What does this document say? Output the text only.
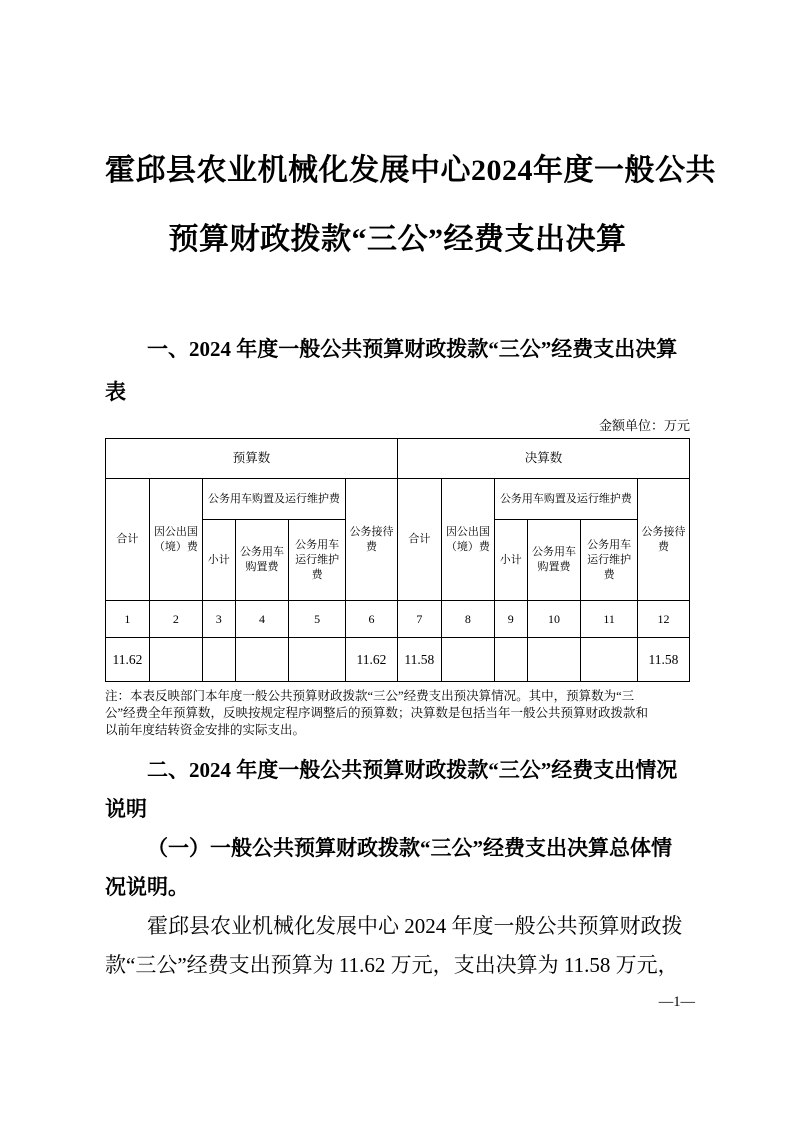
霍邱县农业机械化发展中心2024年度一般公共
预算财政拨款“三公”经费支出决算
一、2024 年度一般公共预算财政拨款“三公”经费支出决算
表
金额单位：万元
预算数						决算数					
合计	因公出国（境）费	公务用车购置及运行维护费			公务接待费	合计	因公出国（境）费	公务用车购置及运行维护费			公务接待费
		小计	公务用车购置费	公务用车运行维护费				小计	公务用车购置费	公务用车运行维护费	
1	2	3	4	5	6	7	8	9	10	11	12
11.62					11.62	11.58					11.58
注：本表反映部门本年度一般公共预算财政拨款“三公”经费支出预决算情况。其中，预算数为“三
公”经费全年预算数，反映按规定程序调整后的预算数；决算数是包括当年一般公共预算财政拨款和
以前年度结转资金安排的实际支出。
二、2024 年度一般公共预算财政拨款“三公”经费支出情况
说明
（一）一般公共预算财政拨款“三公”经费支出决算总体情
况说明。
霍邱县农业机械化发展中心 2024 年度一般公共预算财政拨
款“三公”经费支出预算为 11.62 万元，支出决算为 11.58 万元，
—1—
